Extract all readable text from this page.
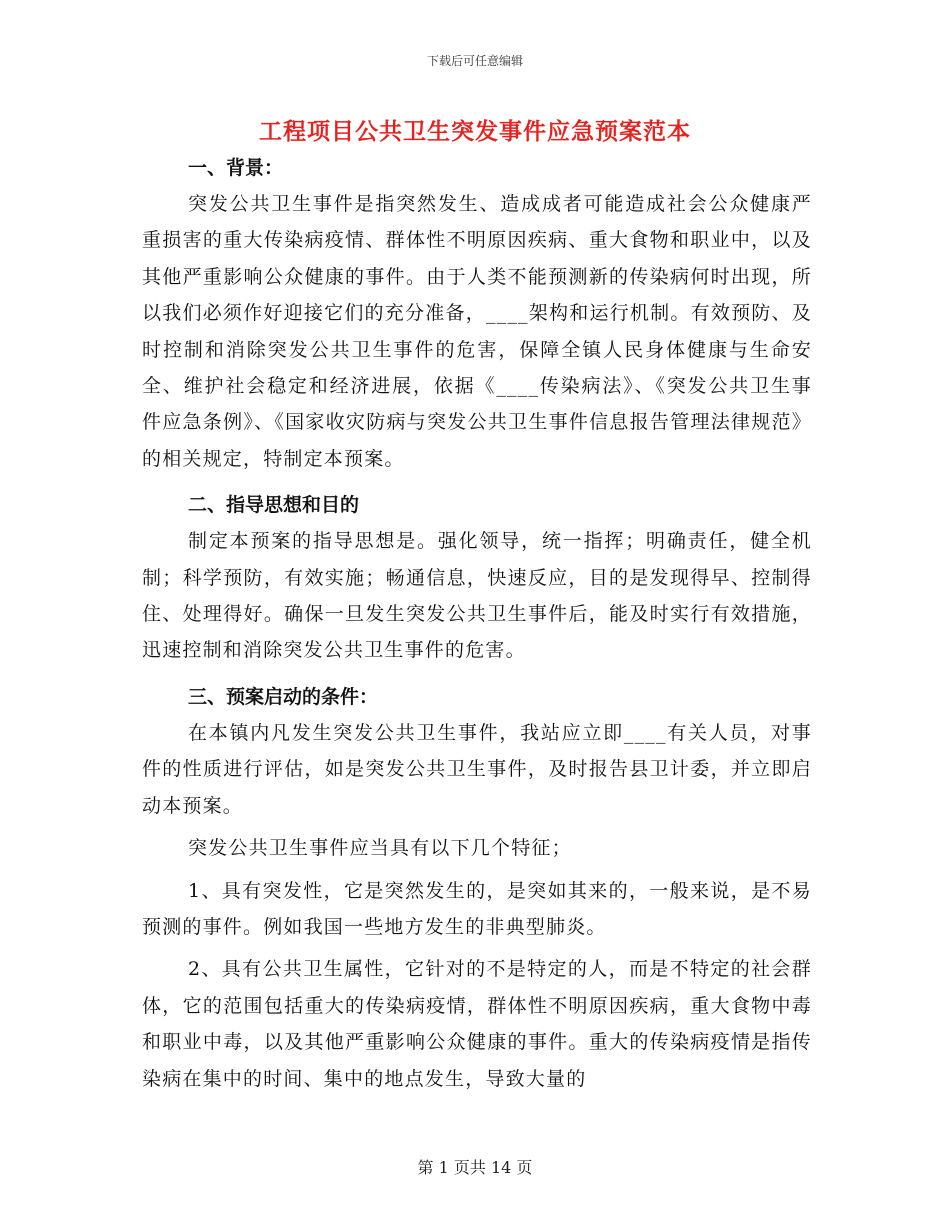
下载后可任意编辑
工程项目公共卫生突发事件应急预案范本
一、背景：

突发公共卫生事件是指突然发生、造成成者可能造成社会公众健康严重损害的重大传染病疫情、群体性不明原因疾病、重大食物和职业中，以及其他严重影响公众健康的事件。由于人类不能预测新的传染病何时出现，所以我们必须作好迎接它们的充分准备，____架构和运行机制。有效预防、及时控制和消除突发公共卫生事件的危害，保障全镇人民身体健康与生命安全、维护社会稳定和经济进展，依据《____传染病法》、《突发公共卫生事件应急条例》、《国家收灾防病与突发公共卫生事件信息报告管理法律规范》的相关规定，特制定本预案。

二、指导思想和目的

制定本预案的指导思想是。强化领导，统一指挥；明确责任，健全机制；科学预防，有效实施；畅通信息，快速反应，目的是发现得早、控制得住、处理得好。确保一旦发生突发公共卫生事件后，能及时实行有效措施，迅速控制和消除突发公共卫生事件的危害。

三、预案启动的条件：

在本镇内凡发生突发公共卫生事件，我站应立即____有关人员，对事件的性质进行评估，如是突发公共卫生事件，及时报告县卫计委，并立即启动本预案。

突发公共卫生事件应当具有以下几个特征；

1、具有突发性，它是突然发生的，是突如其来的，一般来说，是不易预测的事件。例如我国一些地方发生的非典型肺炎。

2、具有公共卫生属性，它针对的不是特定的人，而是不特定的社会群体，它的范围包括重大的传染病疫情，群体性不明原因疾病，重大食物中毒和职业中毒，以及其他严重影响公众健康的事件。重大的传染病疫情是指传染病在集中的时间、集中的地点发生，导致大量的

第 1 页共 14 页
